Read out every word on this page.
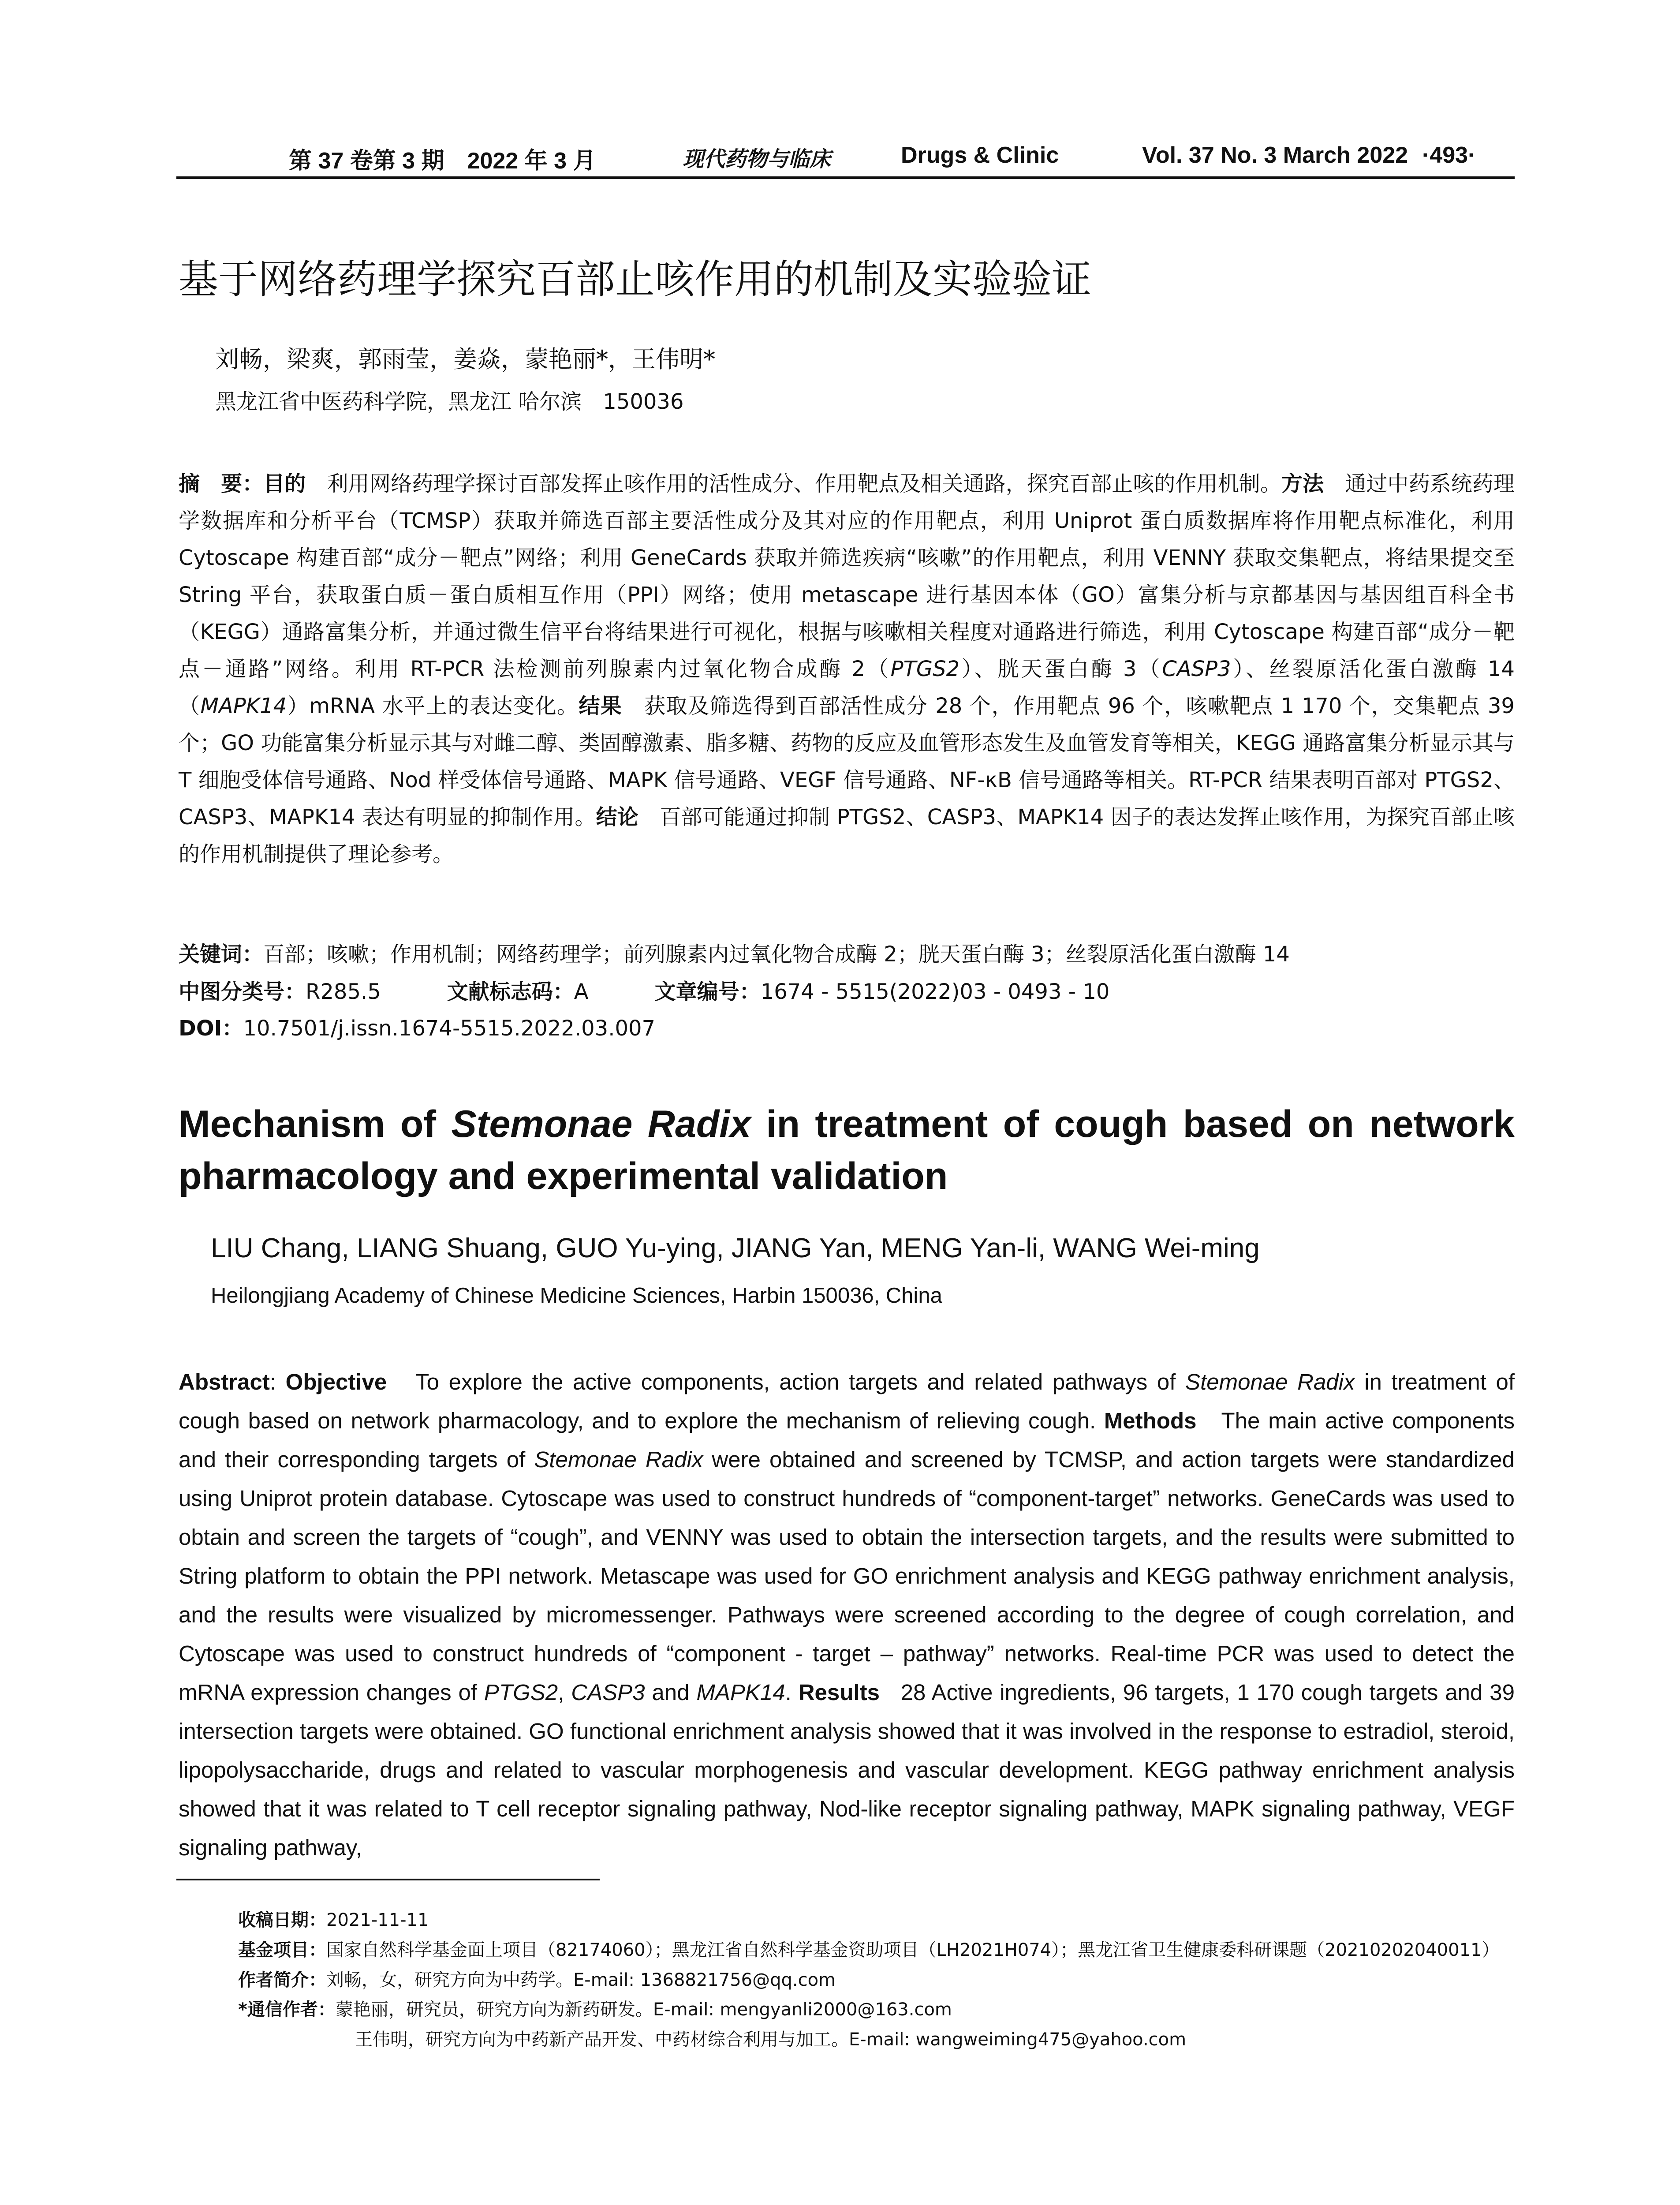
第 37 卷第 3 期　2022 年 3 月	现代药物与临床	Drugs & Clinic	Vol. 37 No. 3 March 2022 ·493·
基于网络药理学探究百部止咳作用的机制及实验验证
刘畅，梁爽，郭雨莹，姜焱，蒙艳丽*，王伟明*
黑龙江省中医药科学院，黑龙江 哈尔滨　150036
摘　要：目的　 利用网络药理学探讨百部发挥止咳作用的活性成分、作用靶点及相关通路，探究百部止咳的作用机制。方法　 通过中药系统药理学数据库和分析平台（TCMSP）获取并筛选百部主要活性成分及其对应的作用靶点，利用 Uniprot 蛋白质数据库将作用靶点标准化，利用 Cytoscape 构建百部“成分－靶点”网络；利用 GeneCards 获取并筛选疾病“咳嗽”的作用靶点，利用 VENNY 获取交集靶点，将结果提交至 String 平台，获取蛋白质－蛋白质相互作用（PPI）网络；使用 metascape 进行基因本体（GO）富集分析与京都基因与基因组百科全书（KEGG）通路富集分析，并通过微生信平台将结果进行可视化，根据与咳嗽相关程度对通路进行筛选，利用 Cytoscape 构建百部“成分－靶点－通路”网络。利用 RT-PCR 法检测前列腺素内过氧化物合成酶 2（PTGS2）、胱天蛋白酶 3（CASP3）、丝裂原活化蛋白激酶 14（MAPK14）mRNA 水平上的表达变化。结果　 获取及筛选得到百部活性成分 28 个，作用靶点 96 个，咳嗽靶点 1 170 个，交集靶点 39 个；GO 功能富集分析显示其与对雌二醇、类固醇激素、脂多糖、药物的反应及血管形态发生及血管发育等相关，KEGG 通路富集分析显示其与 T 细胞受体信号通路、Nod 样受体信号通路、MAPK 信号通路、VEGF 信号通路、NF-κB 信号通路等相关。RT-PCR 结果表明百部对 PTGS2、CASP3、MAPK14 表达有明显的抑制作用。结论　 百部可能通过抑制 PTGS2、CASP3、MAPK14 因子的表达发挥止咳作用，为探究百部止咳的作用机制提供了理论参考。
关键词：百部；咳嗽；作用机制；网络药理学；前列腺素内过氧化物合成酶 2；胱天蛋白酶 3；丝裂原活化蛋白激酶 14
中图分类号：R285.5	文献标志码：A	文章编号：1674 - 5515(2022)03 - 0493 - 10
DOI：10.7501/j.issn.1674-5515.2022.03.007
Mechanism of Stemonae Radix in treatment of cough based on network pharmacology and experimental validation
LIU Chang, LIANG Shuang, GUO Yu-ying, JIANG Yan, MENG Yan-li, WANG Wei-ming
Heilongjiang Academy of Chinese Medicine Sciences, Harbin 150036, China
Abstract: Objective To explore the active components, action targets and related pathways of Stemonae Radix in treatment of cough based on network pharmacology, and to explore the mechanism of relieving cough. Methods The main active components and their corresponding targets of Stemonae Radix were obtained and screened by TCMSP, and action targets were standardized using Uniprot protein database. Cytoscape was used to construct hundreds of “component-target” networks. GeneCards was used to obtain and screen the targets of “cough”, and VENNY was used to obtain the intersection targets, and the results were submitted to String platform to obtain the PPI network. Metascape was used for GO enrichment analysis and KEGG pathway enrichment analysis, and the results were visualized by micromessenger. Pathways were screened according to the degree of cough correlation, and Cytoscape was used to construct hundreds of “component - target – pathway” networks. Real-time PCR was used to detect the mRNA expression changes of PTGS2, CASP3 and MAPK14. Results 28 Active ingredients, 96 targets, 1 170 cough targets and 39 intersection targets were obtained. GO functional enrichment analysis showed that it was involved in the response to estradiol, steroid, lipopolysaccharide, drugs and related to vascular morphogenesis and vascular development. KEGG pathway enrichment analysis showed that it was related to T cell receptor signaling pathway, Nod-like receptor signaling pathway, MAPK signaling pathway, VEGF signaling pathway,
收稿日期：2021-11-11
基金项目：国家自然科学基金面上项目（82174060）；黑龙江省自然科学基金资助项目（LH2021H074）；黑龙江省卫生健康委科研课题（20210202040011）
作者简介：刘畅，女，研究方向为中药学。E-mail: 1368821756@qq.com
*通信作者：蒙艳丽，研究员，研究方向为新药研发。E-mail: mengyanli2000@163.com
王伟明，研究方向为中药新产品开发、中药材综合利用与加工。E-mail: wangweiming475@yahoo.com
